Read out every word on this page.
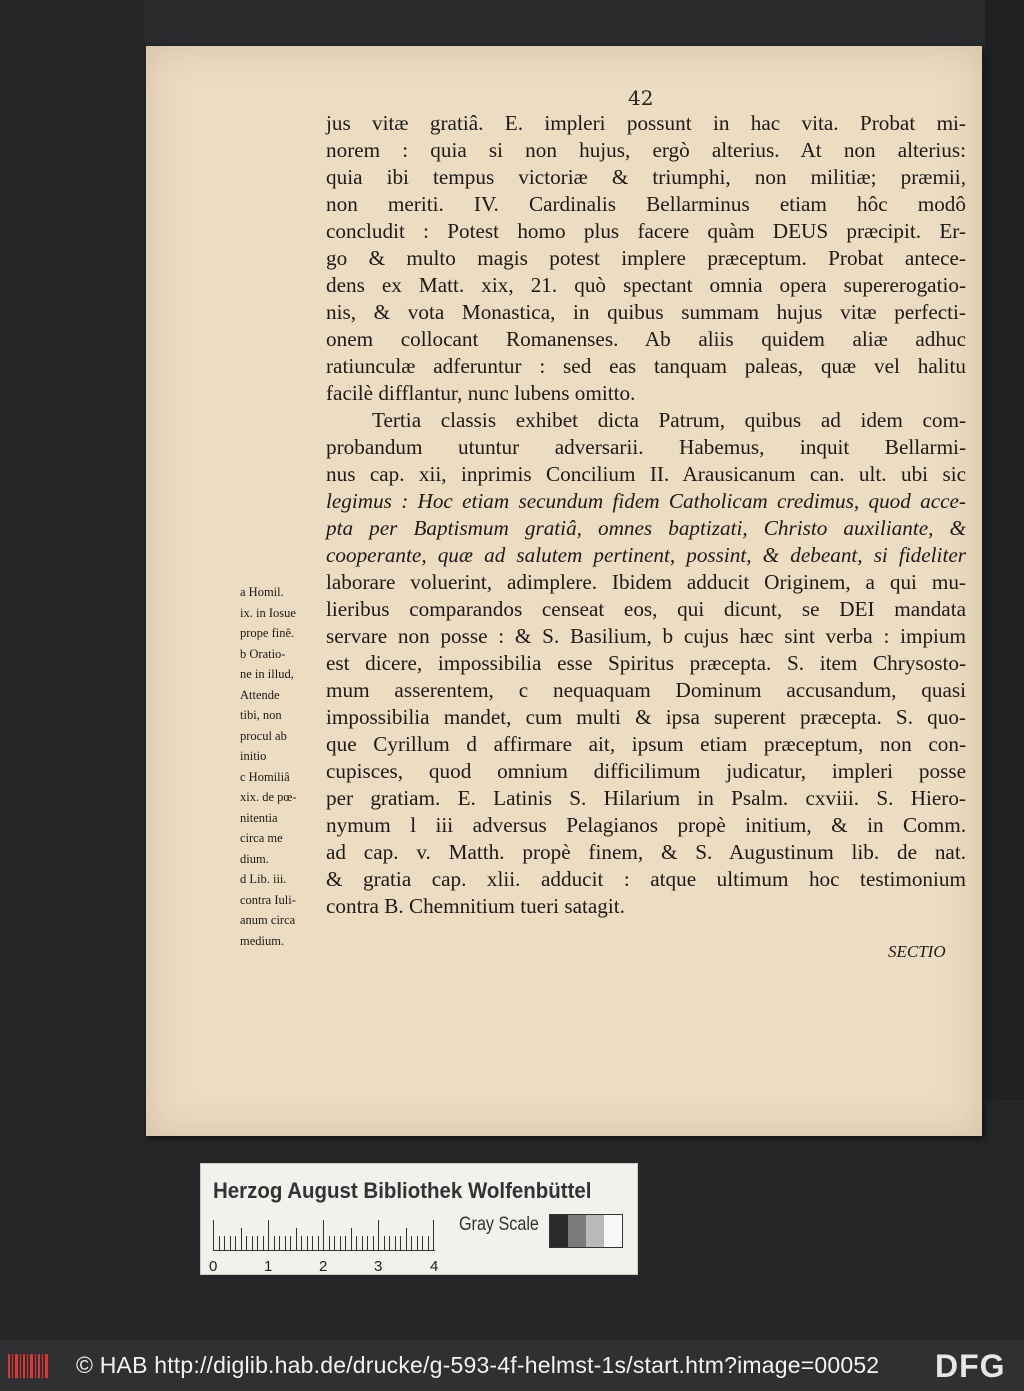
42
jus vitæ gratiâ. E. impleri possunt in hac vita. Probat mi-
norem : quia si non hujus, ergò alterius. At non alterius:
quia ibi tempus victoriæ & triumphi, non militiæ; præmii,
non meriti. IV. Cardinalis Bellarminus etiam hôc modô
concludit : Potest homo plus facere quàm DEUS præcipit. Er-
go & multo magis potest implere præceptum. Probat antece-
dens ex Matt. xix, 21. quò spectant omnia opera supererogatio-
nis, & vota Monastica, in quibus summam hujus vitæ perfecti-
onem collocant Romanenses. Ab aliis quidem aliæ adhuc
ratiunculæ adferuntur : sed eas tanquam paleas, quæ vel halitu
facilè difflantur, nunc lubens omitto.
Tertia classis exhibet dicta Patrum, quibus ad idem com-
probandum utuntur adversarii. Habemus, inquit Bellarmi-
nus cap. xii, inprimis Concilium II. Arausicanum can. ult. ubi sic
legimus : Hoc etiam secundum fidem Catholicam credimus, quod acce-
pta per Baptismum gratiâ, omnes baptizati, Christo auxiliante, &
cooperante, quæ ad salutem pertinent, possint, & debeant, si fideliter
laborare voluerint, adimplere. Ibidem adducit Originem, a qui mu-
lieribus comparandos censeat eos, qui dicunt, se DEI mandata
servare non posse : & S. Basilium, b cujus hæc sint verba : impium
est dicere, impossibilia esse Spiritus præcepta. S. item Chrysosto-
mum asserentem, c nequaquam Dominum accusandum, quasi
impossibilia mandet, cum multi & ipsa superent præcepta. S. quo-
que Cyrillum d affirmare ait, ipsum etiam præceptum, non con-
cupisces, quod omnium difficilimum judicatur, impleri posse
per gratiam. E. Latinis S. Hilarium in Psalm. cxviii. S. Hiero-
nymum l iii adversus Pelagianos propè initium, & in Comm.
ad cap. v. Matth. propè finem, & S. Augustinum lib. de nat.
& gratia cap. xlii. adducit : atque ultimum hoc testimonium
contra B. Chemnitium tueri satagit.
a Homil.
ix. in Iosue
prope finê.
b Oratio-
ne in illud,
Attende
tibi, non
procul ab
initio
c Homiliâ
xix. de pœ-
nitentia
circa me
dium.
d Lib. iii.
contra Iuli-
anum circa
medium.
SECTIO
Herzog August Bibliothek Wolfenbüttel
0	1	2	3	4
Gray Scale
© HAB http://diglib.hab.de/drucke/g-593-4f-helmst-1s/start.htm?image=00052 DFG
